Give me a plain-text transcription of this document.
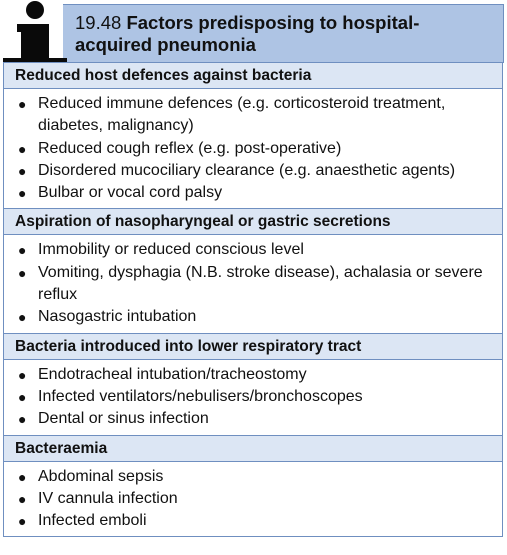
19.48 Factors predisposing to hospital-acquired pneumonia
Reduced host defences against bacteria
● Reduced immune defences (e.g. corticosteroid treatment, diabetes, malignancy)
● Reduced cough reflex (e.g. post-operative)
● Disordered mucociliary clearance (e.g. anaesthetic agents)
● Bulbar or vocal cord palsy
Aspiration of nasopharyngeal or gastric secretions
● Immobility or reduced conscious level
● Vomiting, dysphagia (N.B. stroke disease), achalasia or severe reflux
● Nasogastric intubation
Bacteria introduced into lower respiratory tract
● Endotracheal intubation/tracheostomy
● Infected ventilators/nebulisers/bronchoscopes
● Dental or sinus infection
Bacteraemia
● Abdominal sepsis
● IV cannula infection
● Infected emboli
